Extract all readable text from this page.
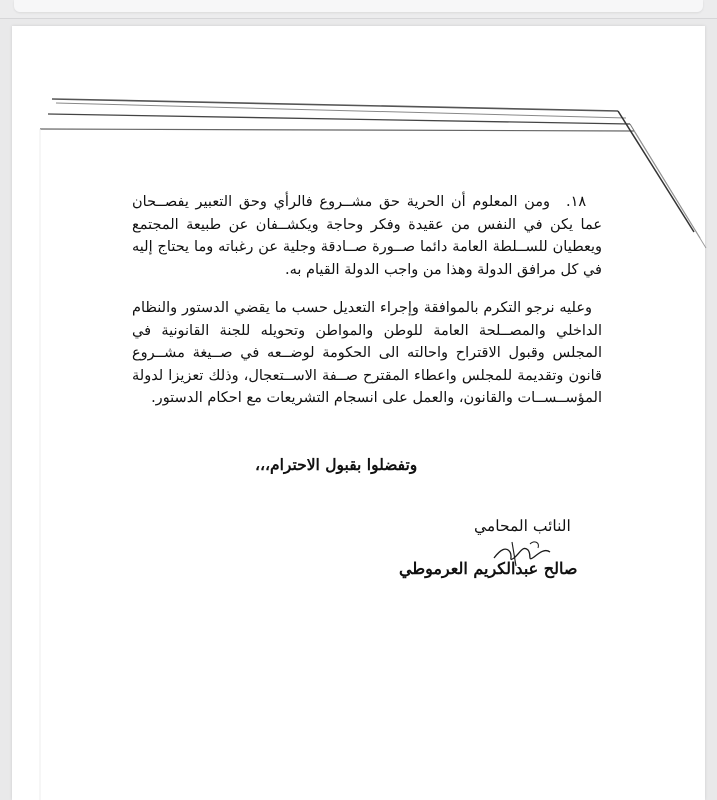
١٨.

ومن المعلوم أن الحرية حق مشــروع فالرأي وحق التعبير يفصــحان عما يكن في النفس من عقيدة وفكر وحاجة ويكشــفان عن طبيعة المجتمع ويعطيان للســلطة العامة دائما صــورة صــادقة وجلية عن رغباته وما يحتاج إليه في كل مرافق الدولة وهذا من واجب الدولة القيام به.

وعليه نرجو التكرم بالموافقة وإجراء التعديل حسب ما يقضي الدستور والنظام الداخلي والمصــلحة العامة للوطن والمواطن وتحويله للجنة القانونية في المجلس وقبول الاقتراح واحالته الى الحكومة لوضــعه في صــيغة مشــروع قانون وتقديمة للمجلس واعطاء المقترح صــفة الاســتعجال، وذلك تعزيزا لدولة المؤســســات والقانون، والعمل على انسجام التشريعات مع احكام الدستور.

وتفضلوا بقبول الاحترام،،،
النائب المحامي
صالح عبدالكريم العرموطي
